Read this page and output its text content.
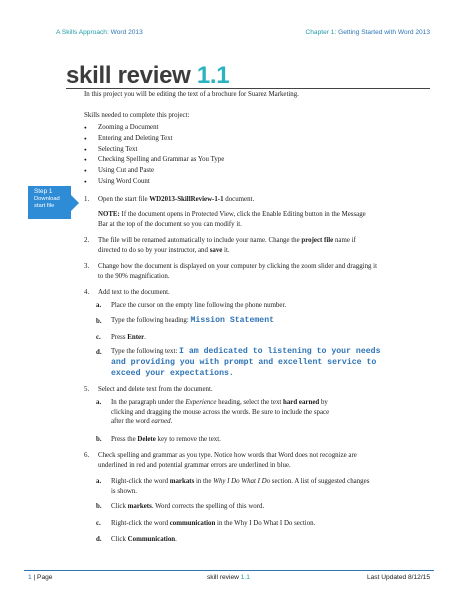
A Skills Approach: Word 2013	Chapter 1: Getting Started with Word 2013
skill review 1.1
In this project you will be editing the text of a brochure for Suarez Marketing.
Skills needed to complete this project:
● Zooming a Document
● Entering and Deleting Text
● Selecting Text
● Checking Spelling and Grammar as You Type
● Using Cut and Paste
● Using Word Count
Step 1
Download
start file
1. Open the start file WD2013-SkillReview-1-1 document.
NOTE: If the document opens in Protected View, click the Enable Editing button in the Message
Bar at the top of the document so you can modify it.
2. The file will be renamed automatically to include your name. Change the project file name if
directed to do so by your instructor, and save it.
3. Change how the document is displayed on your computer by clicking the zoom slider and dragging it
to the 90% magnification.
4. Add text to the document.
a. Place the cursor on the empty line following the phone number.
b. Type the following heading: Mission Statement
c. Press Enter.
d. Type the following text: I am dedicated to listening to your needs
and providing you with prompt and excellent service to
exceed your expectations.
5. Select and delete text from the document.
a. In the paragraph under the Experience heading, select the text hard earned by
clicking and dragging the mouse across the words. Be sure to include the space
after the word earned.
b. Press the Delete key to remove the text.
6. Check spelling and grammar as you type. Notice how words that Word does not recognize are
underlined in red and potential grammar errors are underlined in blue.
a. Right-click the word markats in the Why I Do What I Do section. A list of suggested changes
is shown.
b. Click markets. Word corrects the spelling of this word.
c. Right-click the word communication in the Why I Do What I Do section.
d. Click Communication.
1 | Page	skill review 1.1	Last Updated 8/12/15
